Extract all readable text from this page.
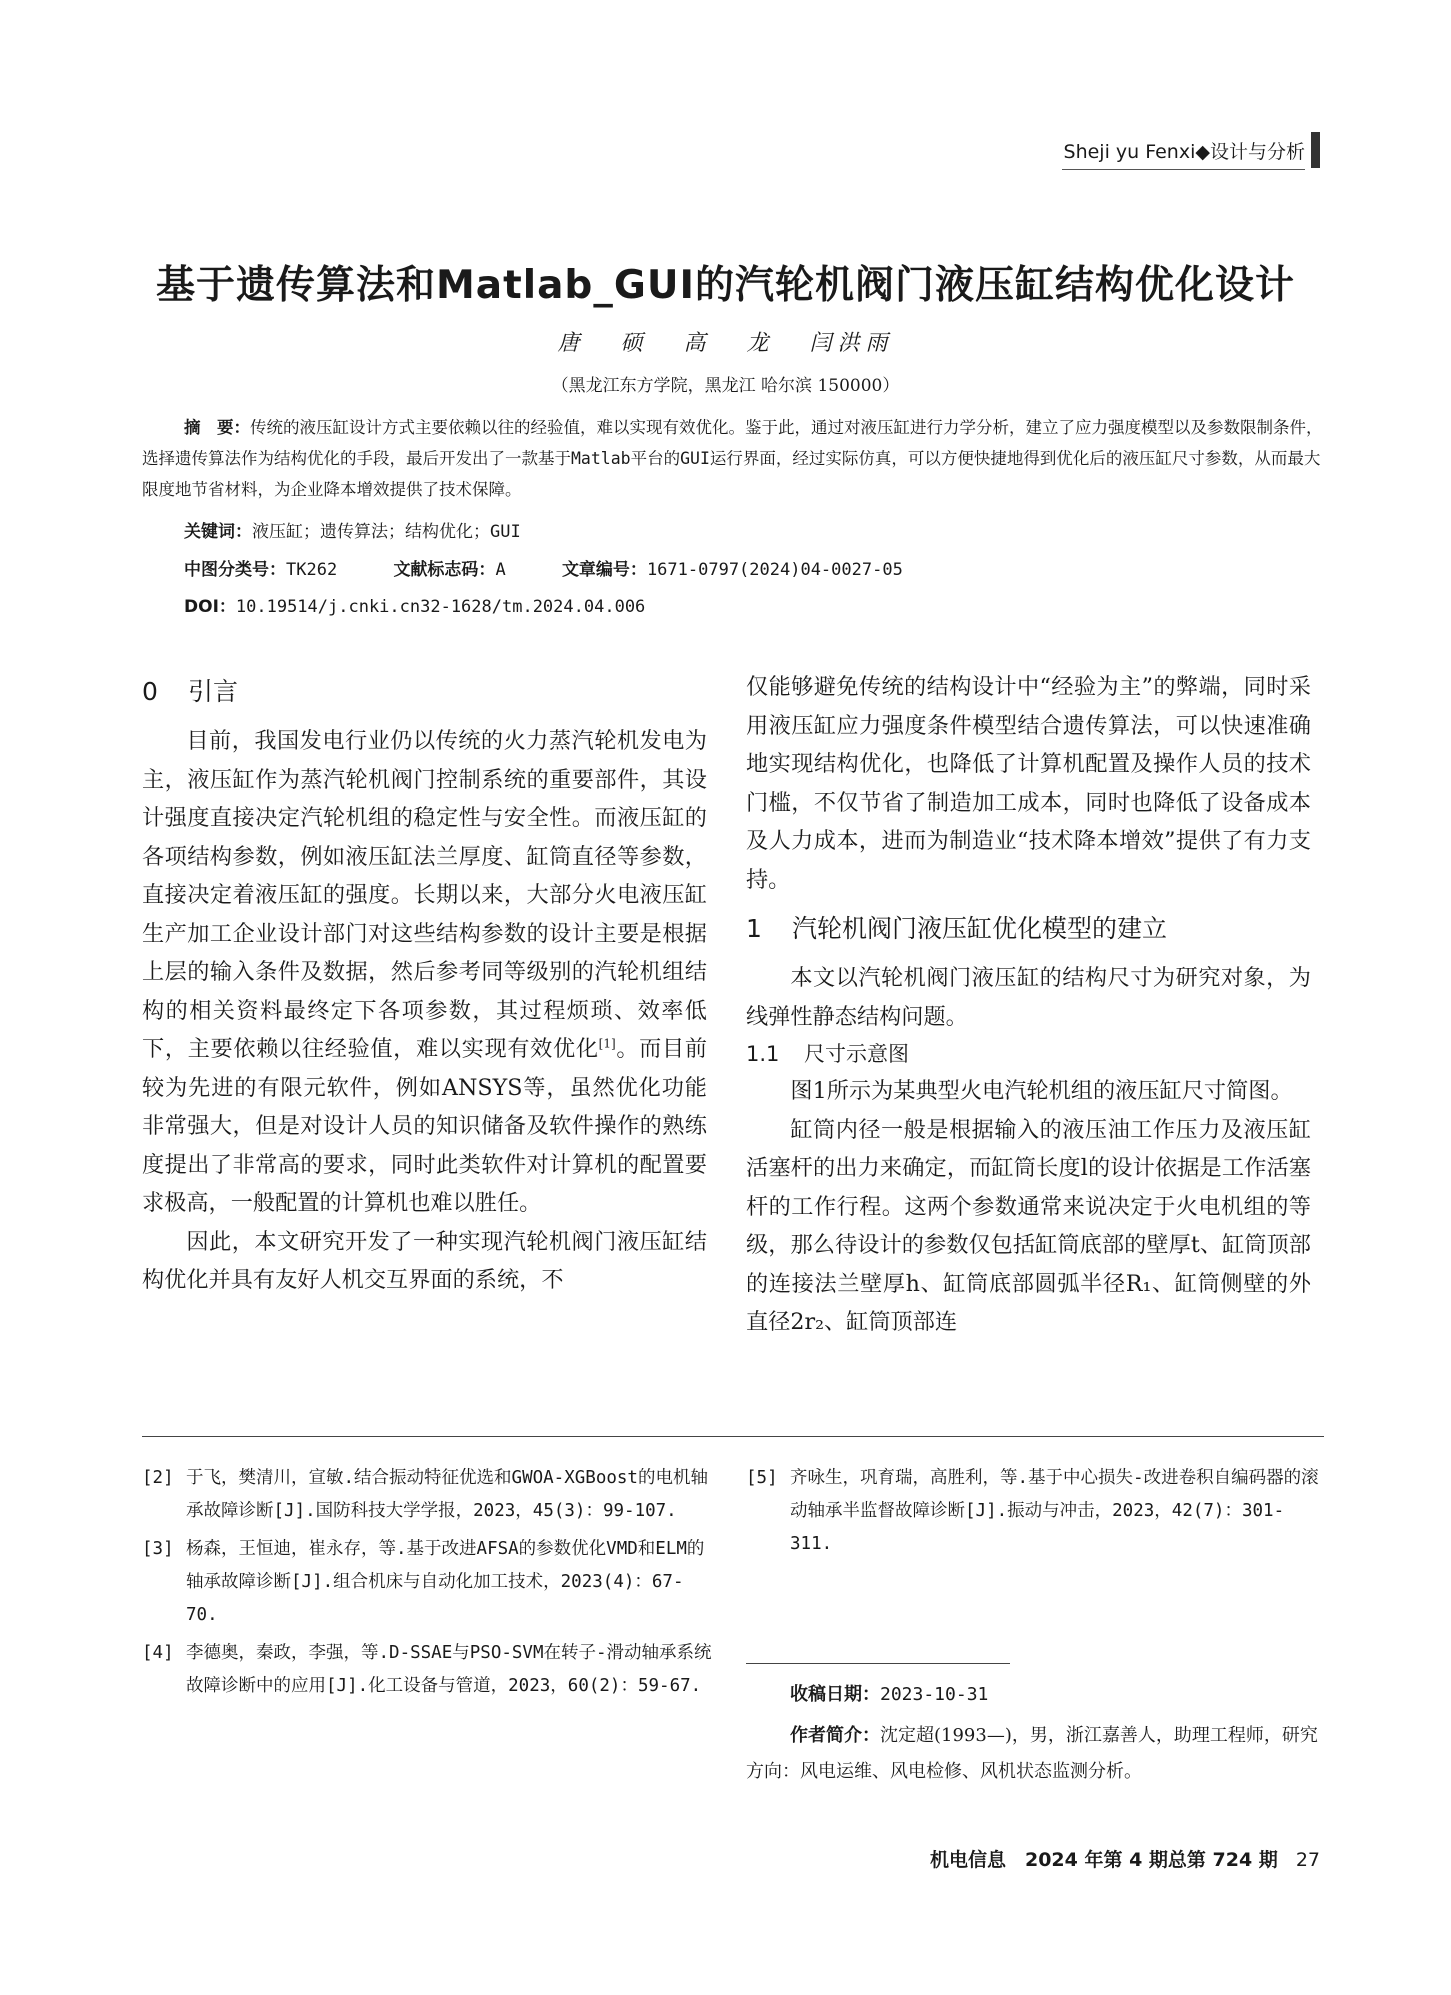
Sheji yu Fenxi◆设计与分析
基于遗传算法和Matlab_GUI的汽轮机阀门液压缸结构优化设计
唐 硕 高 龙 闫洪雨
（黑龙江东方学院，黑龙江 哈尔滨 150000）

摘　要：传统的液压缸设计方式主要依赖以往的经验值，难以实现有效优化。鉴于此，通过对液压缸进行力学分析，建立了应力强度模型以及参数限制条件，选择遗传算法作为结构优化的手段，最后开发出了一款基于Matlab平台的GUI运行界面，经过实际仿真，可以方便快捷地得到优化后的液压缸尺寸参数，从而最大限度地节省材料，为企业降本增效提供了技术保障。

关键词：液压缸；遗传算法；结构优化；GUI
中图分类号：TK262	文献标志码：A	文章编号：1671-0797(2024)04-0027-05
DOI：10.19514/j.cnki.cn32-1628/tm.2024.04.006
0 引言

目前，我国发电行业仍以传统的火力蒸汽轮机发电为主，液压缸作为蒸汽轮机阀门控制系统的重要部件，其设计强度直接决定汽轮机组的稳定性与安全性。而液压缸的各项结构参数，例如液压缸法兰厚度、缸筒直径等参数，直接决定着液压缸的强度。长期以来，大部分火电液压缸生产加工企业设计部门对这些结构参数的设计主要是根据上层的输入条件及数据，然后参考同等级别的汽轮机组结构的相关资料最终定下各项参数，其过程烦琐、效率低下，主要依赖以往经验值，难以实现有效优化[1]。而目前较为先进的有限元软件，例如ANSYS等，虽然优化功能非常强大，但是对设计人员的知识储备及软件操作的熟练度提出了非常高的要求，同时此类软件对计算机的配置要求极高，一般配置的计算机也难以胜任。

因此，本文研究开发了一种实现汽轮机阀门液压缸结构优化并具有友好人机交互界面的系统，不

仅能够避免传统的结构设计中“经验为主”的弊端，同时采用液压缸应力强度条件模型结合遗传算法，可以快速准确地实现结构优化，也降低了计算机配置及操作人员的技术门槛，不仅节省了制造加工成本，同时也降低了设备成本及人力成本，进而为制造业“技术降本增效”提供了有力支持。

1 汽轮机阀门液压缸优化模型的建立

本文以汽轮机阀门液压缸的结构尺寸为研究对象，为线弹性静态结构问题。

1.1 尺寸示意图

图1所示为某典型火电汽轮机组的液压缸尺寸简图。

缸筒内径一般是根据输入的液压油工作压力及液压缸活塞杆的出力来确定，而缸筒长度l的设计依据是工作活塞杆的工作行程。这两个参数通常来说决定于火电机组的等级，那么待设计的参数仅包括缸筒底部的壁厚t、缸筒顶部的连接法兰壁厚h、缸筒底部圆弧半径R₁、缸筒侧壁的外直径2r₂、缸筒顶部连

[2] 于飞，樊清川，宣敏.结合振动特征优选和GWOA-XGBoost的电机轴承故障诊断[J].国防科技大学学报，2023，45(3)：99-107.
[3] 杨森，王恒迪，崔永存，等.基于改进AFSA的参数优化VMD和ELM的轴承故障诊断[J].组合机床与自动化加工技术，2023(4)：67-70.
[4] 李德奥，秦政，李强，等.D-SSAE与PSO-SVM在转子-滑动轴承系统故障诊断中的应用[J].化工设备与管道，2023，60(2)：59-67.
[5] 齐咏生，巩育瑞，高胜利，等.基于中心损失-改进卷积自编码器的滚动轴承半监督故障诊断[J].振动与冲击，2023，42(7)：301-311.
收稿日期：2023-10-31
作者简介：沈定超(1993—)，男，浙江嘉善人，助理工程师，研究方向：风电运维、风电检修、风机状态监测分析。
机电信息　2024 年第 4 期总第 724 期 27
